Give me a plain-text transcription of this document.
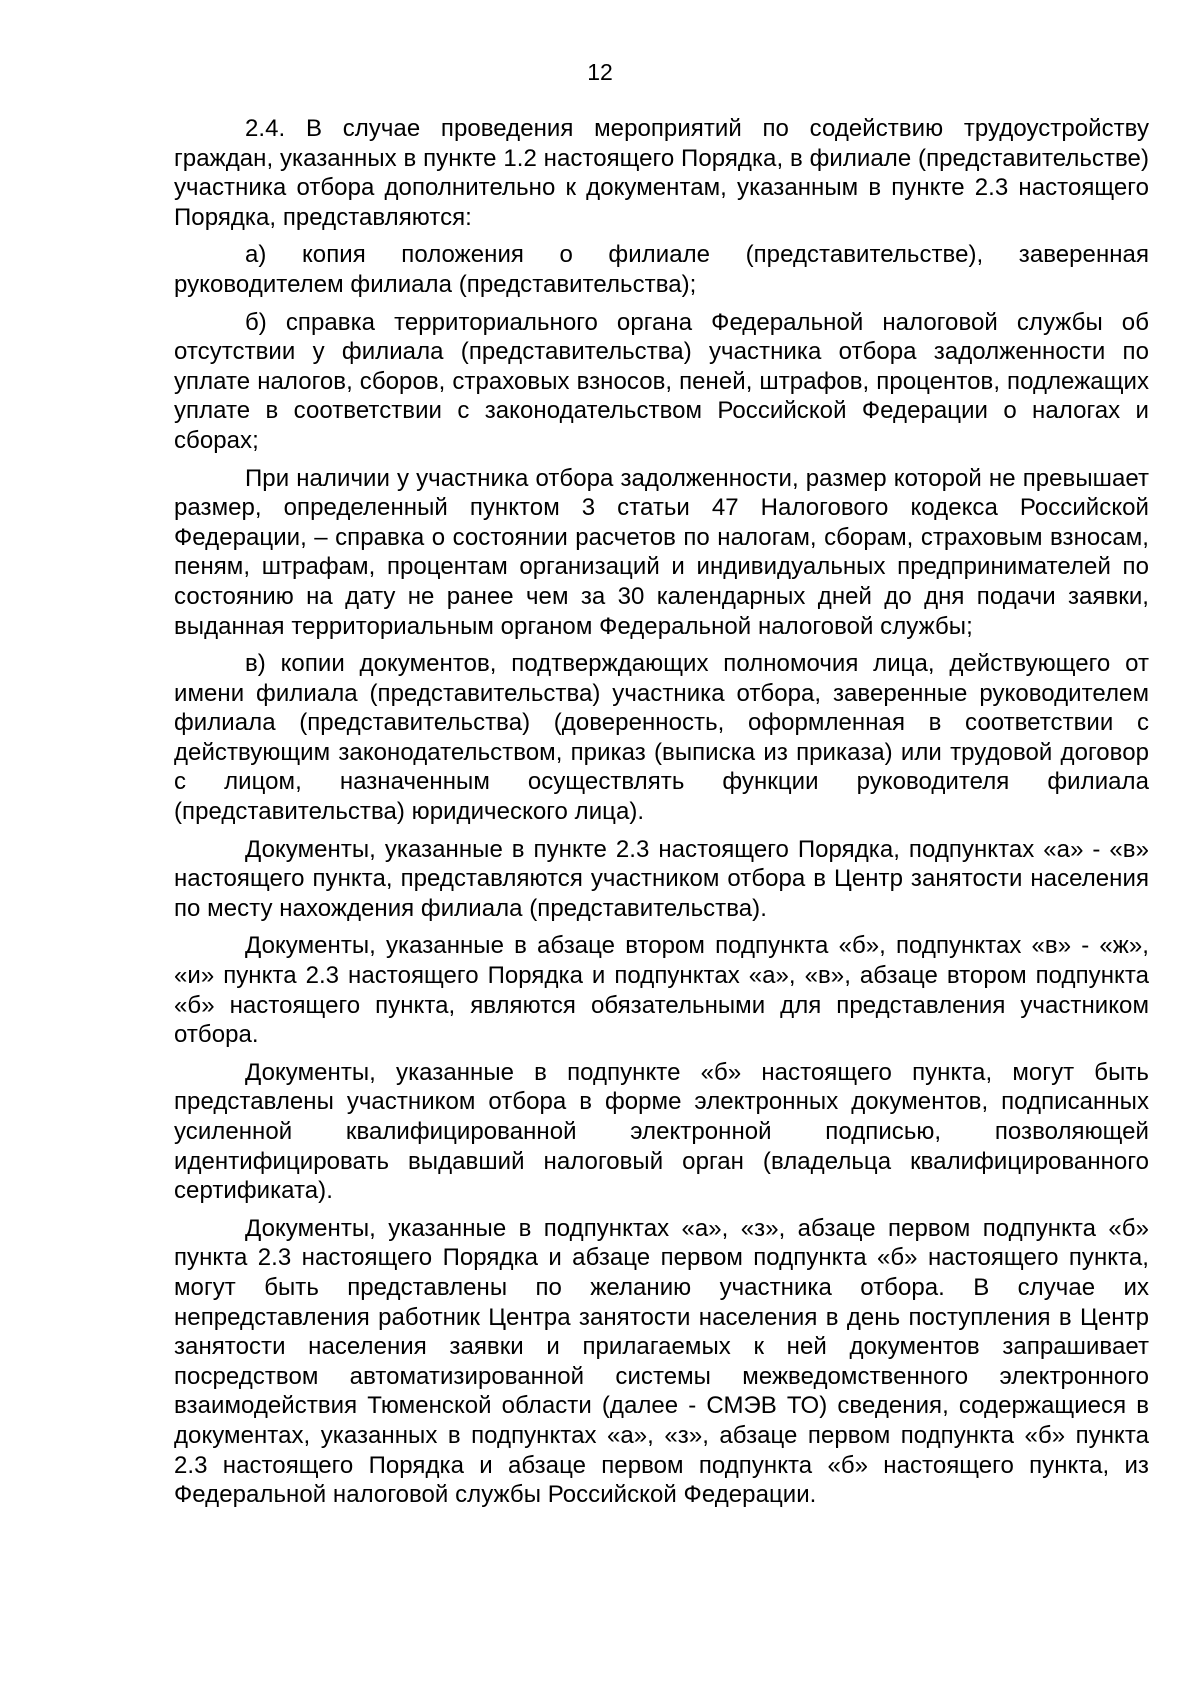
12

2.4. В случае проведения мероприятий по содействию трудоустройству граждан, указанных в пункте 1.2 настоящего Порядка, в филиале (представительстве) участника отбора дополнительно к документам, указанным в пункте 2.3 настоящего Порядка, представляются:

а) копия положения о филиале (представительстве), заверенная руководителем филиала (представительства);

б) справка территориального органа Федеральной налоговой службы об отсутствии у филиала (представительства) участника отбора задолженности по уплате налогов, сборов, страховых взносов, пеней, штрафов, процентов, подлежащих уплате в соответствии с законодательством Российской Федерации о налогах и сборах;

При наличии у участника отбора задолженности, размер которой не превышает размер, определенный пунктом 3 статьи 47 Налогового кодекса Российской Федерации, – справка о состоянии расчетов по налогам, сборам, страховым взносам, пеням, штрафам, процентам организаций и индивидуальных предпринимателей по состоянию на дату не ранее чем за 30 календарных дней до дня подачи заявки, выданная территориальным органом Федеральной налоговой службы;

в) копии документов, подтверждающих полномочия лица, действующего от имени филиала (представительства) участника отбора, заверенные руководителем филиала (представительства) (доверенность, оформленная в соответствии с действующим законодательством, приказ (выписка из приказа) или трудовой договор с лицом, назначенным осуществлять функции руководителя филиала (представительства) юридического лица).

Документы, указанные в пункте 2.3 настоящего Порядка, подпунктах «а» - «в» настоящего пункта, представляются участником отбора в Центр занятости населения по месту нахождения филиала (представительства).

Документы, указанные в абзаце втором подпункта «б», подпунктах «в» - «ж», «и» пункта 2.3 настоящего Порядка и подпунктах «а», «в», абзаце втором подпункта «б» настоящего пункта, являются обязательными для представления участником отбора.

Документы, указанные в подпункте «б» настоящего пункта, могут быть представлены участником отбора в форме электронных документов, подписанных усиленной квалифицированной электронной подписью, позволяющей идентифицировать выдавший налоговый орган (владельца квалифицированного сертификата).

Документы, указанные в подпунктах «а», «з», абзаце первом подпункта «б» пункта 2.3 настоящего Порядка и абзаце первом подпункта «б» настоящего пункта, могут быть представлены по желанию участника отбора. В случае их непредставления работник Центра занятости населения в день поступления в Центр занятости населения заявки и прилагаемых к ней документов запрашивает посредством автоматизированной системы межведомственного электронного взаимодействия Тюменской области (далее - СМЭВ ТО) сведения, содержащиеся в документах, указанных в подпунктах «а», «з», абзаце первом подпункта «б» пункта 2.3 настоящего Порядка и абзаце первом подпункта «б» настоящего пункта, из Федеральной налоговой службы Российской Федерации.
